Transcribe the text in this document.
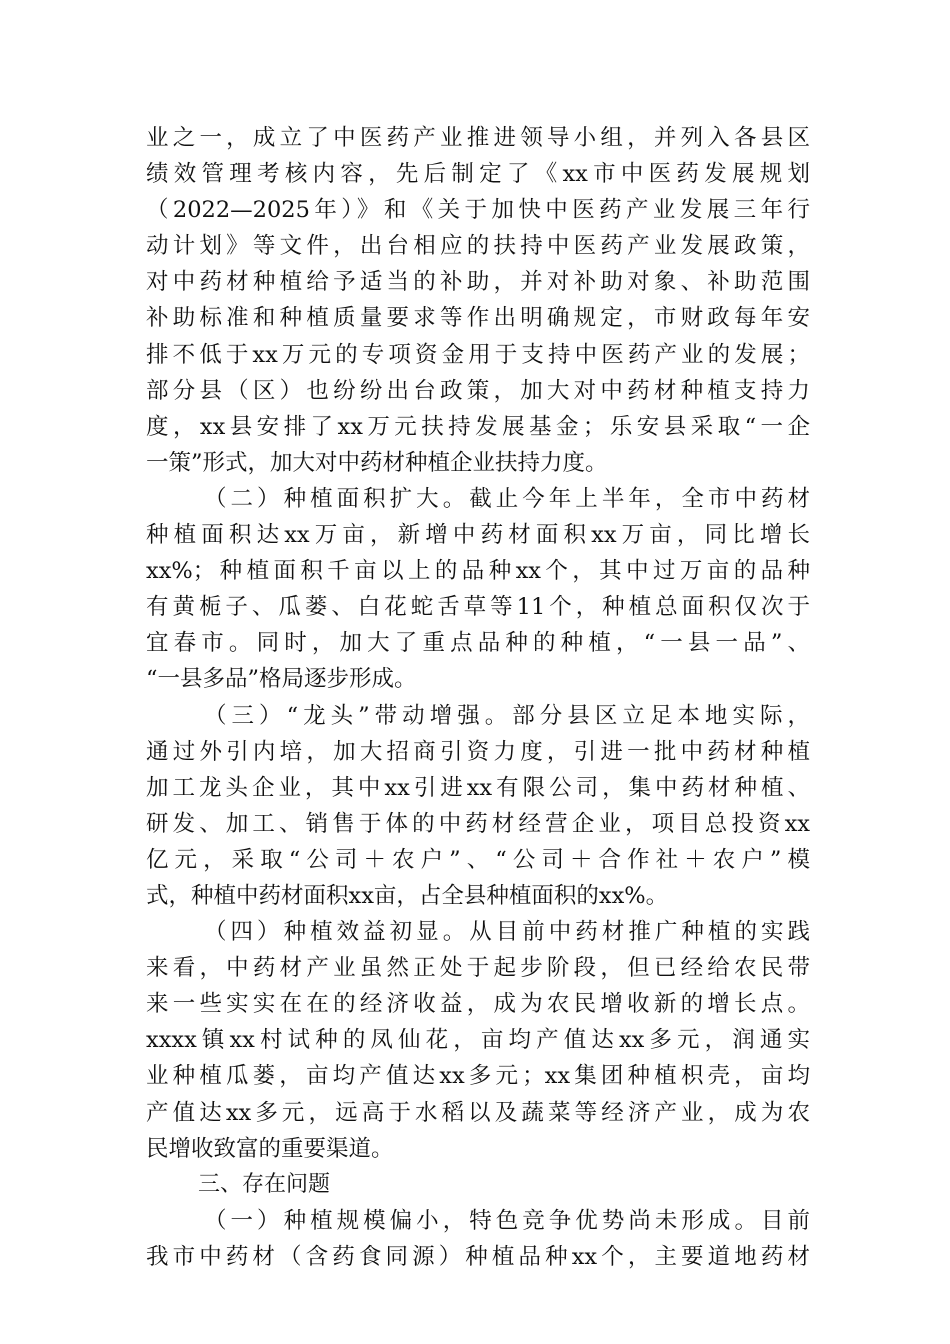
业之一，成立了中医药产业推进领导小组，并列入各县区
绩效管理考核内容，先后制定了《xx市中医药发展规划
（2022—2025年）》和《关于加快中医药产业发展三年行
动计划》等文件，出台相应的扶持中医药产业发展政策，
对中药材种植给予适当的补助，并对补助对象、补助范围
补助标准和种植质量要求等作出明确规定，市财政每年安
排不低于xx万元的专项资金用于支持中医药产业的发展；
部分县（区）也纷纷出台政策，加大对中药材种植支持力
度，xx县安排了xx万元扶持发展基金；乐安县采取“一企
一策”形式，加大对中药材种植企业扶持力度。
（二）种植面积扩大。截止今年上半年，全市中药材
种植面积达xx万亩，新增中药材面积xx万亩，同比增长
xx%；种植面积千亩以上的品种xx个，其中过万亩的品种
有黄栀子、瓜蒌、白花蛇舌草等11个，种植总面积仅次于
宜春市。同时，加大了重点品种的种植，“一县一品”、
“一县多品”格局逐步形成。
（三）“龙头”带动增强。部分县区立足本地实际，
通过外引内培，加大招商引资力度，引进一批中药材种植
加工龙头企业，其中xx引进xx有限公司，集中药材种植、
研发、加工、销售于体的中药材经营企业，项目总投资xx
亿元，采取“公司＋农户”、“公司＋合作社＋农户”模
式，种植中药材面积xx亩，占全县种植面积的xx%。
（四）种植效益初显。从目前中药材推广种植的实践
来看，中药材产业虽然正处于起步阶段，但已经给农民带
来一些实实在在的经济收益，成为农民增收新的增长点。
xxxx镇xx村试种的凤仙花，亩均产值达xx多元，润通实
业种植瓜蒌，亩均产值达xx多元；xx集团种植枳壳，亩均
产值达xx多元，远高于水稻以及蔬菜等经济产业，成为农
民增收致富的重要渠道。
三、存在问题
（一）种植规模偏小，特色竞争优势尚未形成。目前
我市中药材（含药食同源）种植品种xx个，主要道地药材
